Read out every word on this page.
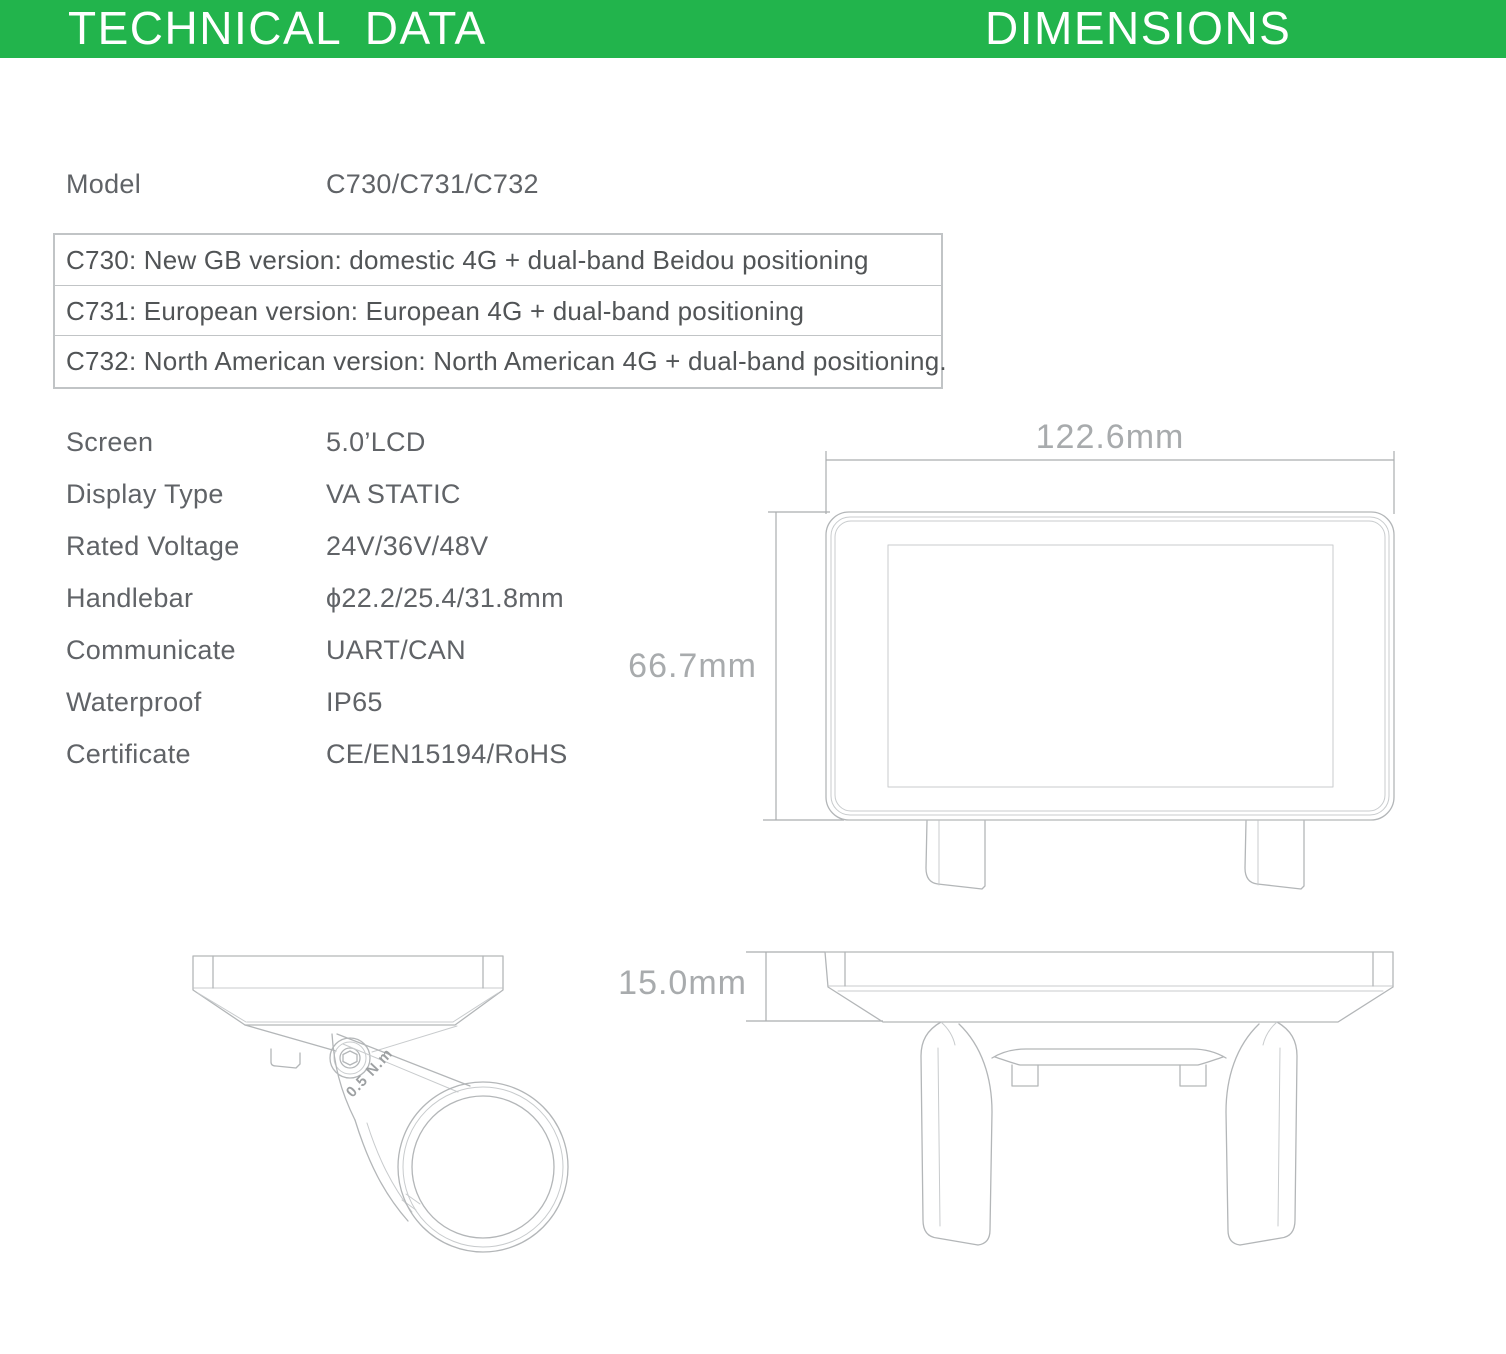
TECHNICAL DATA	DIMENSIONS
Model	C730/C731/C732
C730: New GB version: domestic 4G + dual-band Beidou positioning
C731: European version: European 4G + dual-band positioning
C732: North American version: North American 4G + dual-band positioning.
Screen	5.0’LCD
Display Type	VA STATIC
Rated Voltage	24V/36V/48V
Handlebar	ϕ22.2/25.4/31.8mm
Communicate	UART/CAN
Waterproof	IP65
Certificate	CE/EN15194/RoHS
122.6mm
66.7mm
15.0mm
0.5 N.m
